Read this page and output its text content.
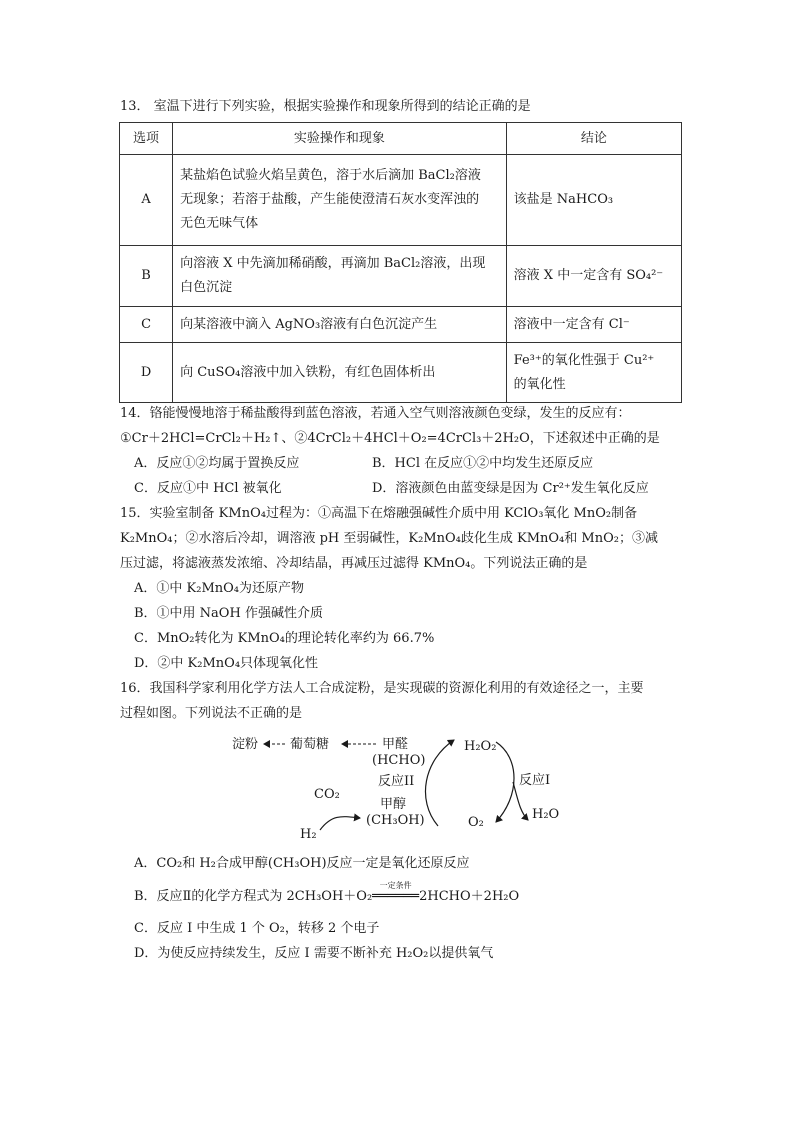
13． 室温下进行下列实验，根据实验操作和现象所得到的结论正确的是
选项	实验操作和现象	结论
A	某盐焰色试验火焰呈黄色，溶于水后滴加 BaCl₂溶液
无现象；若溶于盐酸，产生能使澄清石灰水变浑浊的
无色无味气体	该盐是 NaHCO₃

B	向溶液 X 中先滴加稀硝酸，再滴加 BaCl₂溶液，出现
白色沉淀	溶液 X 中一定含有 SO₄²⁻

C	向某溶液中滴入 AgNO₃溶液有白色沉淀产生	溶液中一定含有 Cl⁻

D	向 CuSO₄溶液中加入铁粉，有红色固体析出	Fe³⁺的氧化性强于 Cu²⁺
的氧化性
14．铬能慢慢地溶于稀盐酸得到蓝色溶液，若通入空气则溶液颜色变绿，发生的反应有：
①Cr＋2HCl=CrCl₂＋H₂↑、②4CrCl₂＋4HCl＋O₂=4CrCl₃＋2H₂O，下述叙述中正确的是
A．反应①②均属于置换反应	B．HCl 在反应①②中均发生还原反应
C．反应①中 HCl 被氧化	D．溶液颜色由蓝变绿是因为 Cr²⁺发生氧化反应
15．实验室制备 KMnO₄过程为：①高温下在熔融强碱性介质中用 KClO₃氧化 MnO₂制备
K₂MnO₄；②水溶后冷却，调溶液 pH 至弱碱性，K₂MnO₄歧化生成 KMnO₄和 MnO₂；③减
压过滤，将滤液蒸发浓缩、冷却结晶，再减压过滤得 KMnO₄。下列说法正确的是
A．①中 K₂MnO₄为还原产物
B．①中用 NaOH 作强碱性介质
C．MnO₂转化为 KMnO₄的理论转化率约为 66.7%
D．②中 K₂MnO₄只体现氧化性
16．我国科学家利用化学方法人工合成淀粉，是实现碳的资源化利用的有效途径之一，主要
过程如图。下列说法不正确的是
淀粉 葡萄糖	甲醛
(HCHO)
反应II
H₂O₂
反应I
H₂O
O₂
CO₂
H₂
甲醇
(CH₃OH)
A．CO₂和 H₂合成甲醇(CH₃OH)反应一定是氧化还原反应
B．反应Ⅱ的化学方程式为 2CH₃OH＋O₂
一定条件
══════2HCHO＋2H₂O
C．反应 I 中生成 1 个 O₂，转移 2 个电子
D．为使反应持续发生，反应 I 需要不断补充 H₂O₂以提供氧气
